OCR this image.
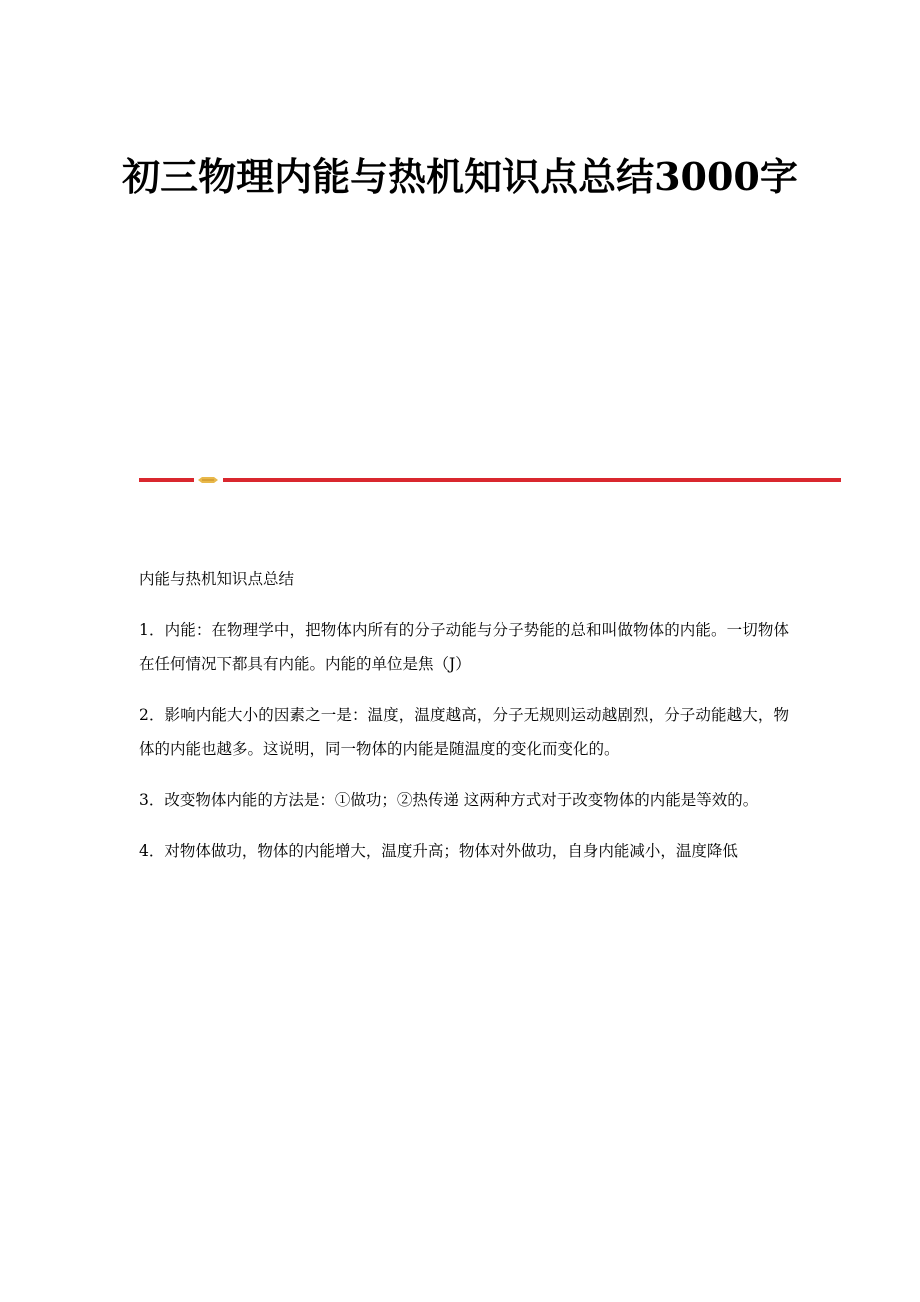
初三物理内能与热机知识点总结3000字

内能与热机知识点总结

1．内能：在物理学中，把物体内所有的分子动能与分子势能的总和叫做物体的内能。一切物体在任何情况下都具有内能。内能的单位是焦（J）

2．影响内能大小的因素之一是：温度，温度越高，分子无规则运动越剧烈，分子动能越大，物体的内能也越多。这说明，同一物体的内能是随温度的变化而变化的。

3．改变物体内能的方法是：①做功；②热传递 这两种方式对于改变物体的内能是等效的。

4．对物体做功，物体的内能增大，温度升高；物体对外做功，自身内能减小，温度降低
